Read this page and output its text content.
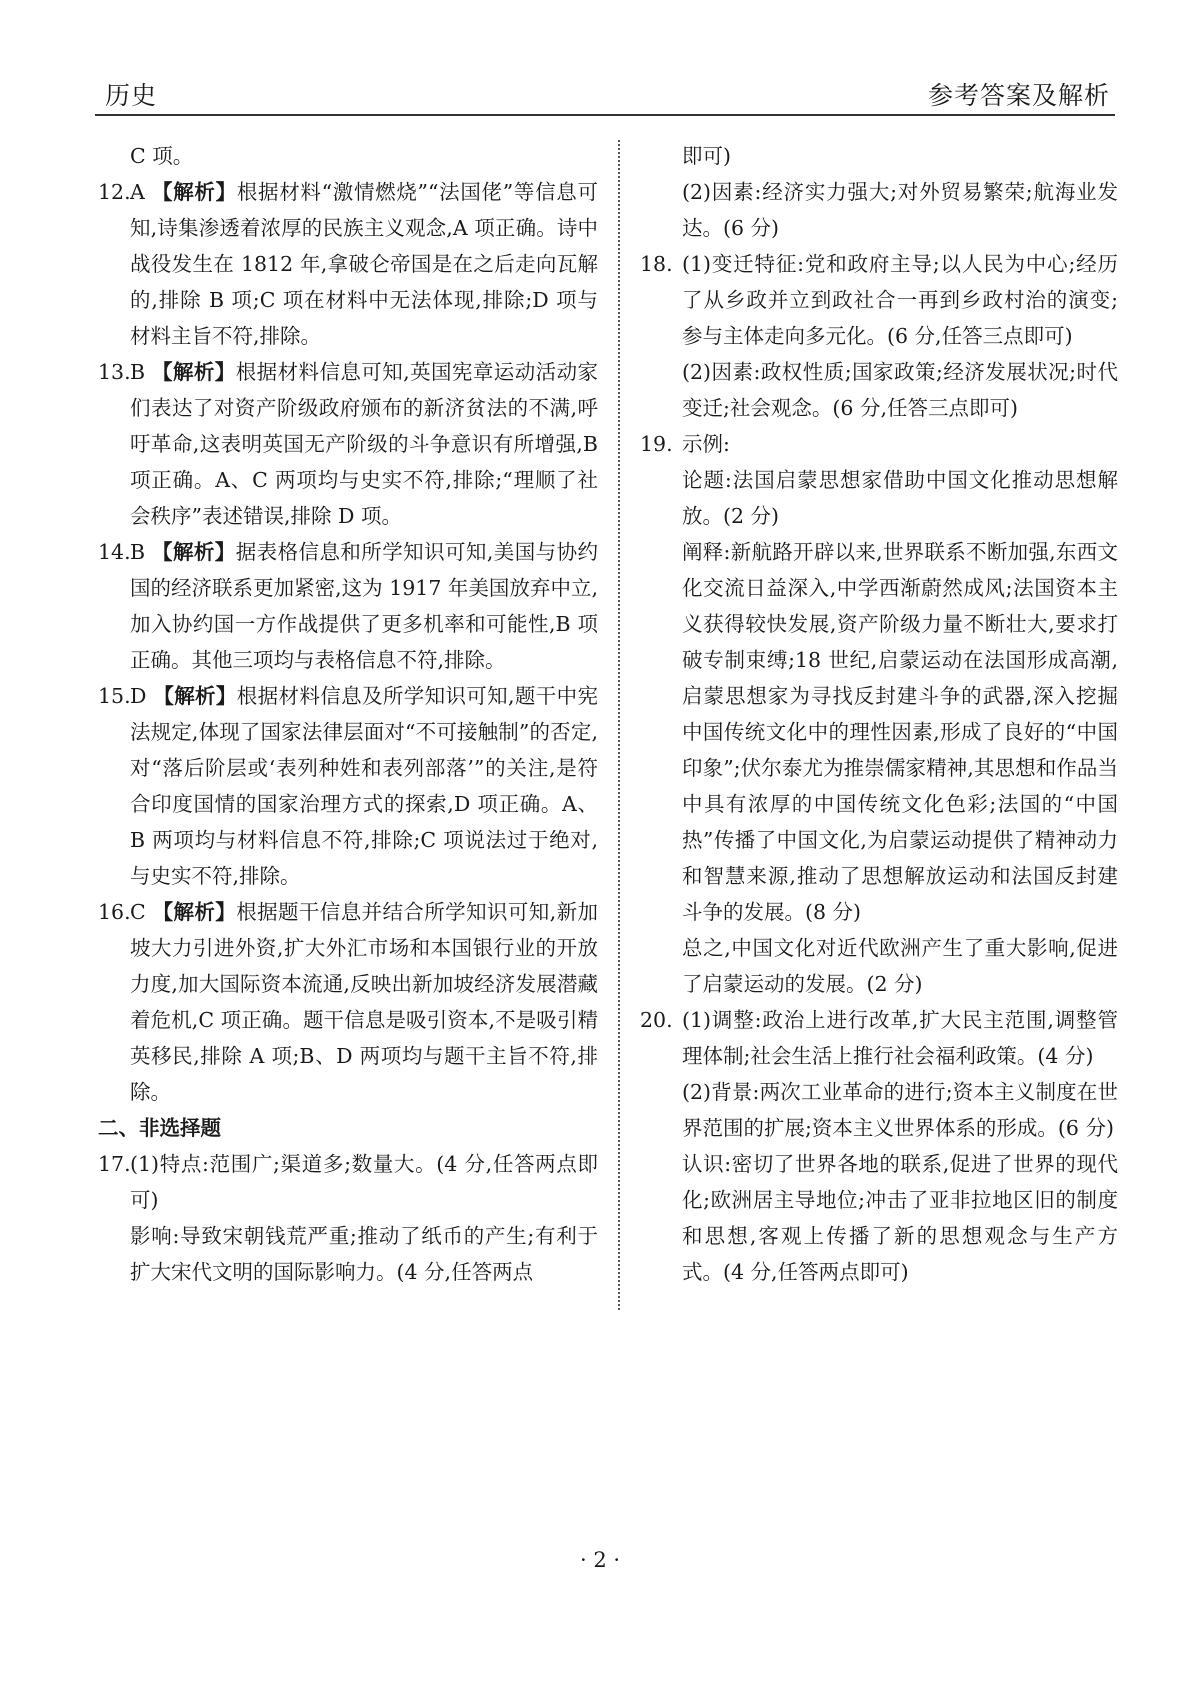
历史	参考答案及解析

C 项。

12. A 【解析】根据材料“激情燃烧”“法国佬”等信息可知,诗集渗透着浓厚的民族主义观念,A 项正确。诗中战役发生在 1812 年,拿破仑帝国是在之后走向瓦解的,排除 B 项;C 项在材料中无法体现,排除;D 项与材料主旨不符,排除。
13. B 【解析】根据材料信息可知,英国宪章运动活动家们表达了对资产阶级政府颁布的新济贫法的不满,呼吁革命,这表明英国无产阶级的斗争意识有所增强,B 项正确。A、C 两项均与史实不符,排除;“理顺了社会秩序”表述错误,排除 D 项。
14. B 【解析】据表格信息和所学知识可知,美国与协约国的经济联系更加紧密,这为 1917 年美国放弃中立,加入协约国一方作战提供了更多机率和可能性,B 项正确。其他三项均与表格信息不符,排除。
15. D 【解析】根据材料信息及所学知识可知,题干中宪法规定,体现了国家法律层面对“不可接触制”的否定,对“落后阶层或‘表列种姓和表列部落’”的关注,是符合印度国情的国家治理方式的探索,D 项正确。A、B 两项均与材料信息不符,排除;C 项说法过于绝对,与史实不符,排除。
16. C 【解析】根据题干信息并结合所学知识可知,新加坡大力引进外资,扩大外汇市场和本国银行业的开放力度,加大国际资本流通,反映出新加坡经济发展潜藏着危机,C 项正确。题干信息是吸引资本,不是吸引精英移民,排除 A 项;B、D 两项均与题干主旨不符,排除。

二、非选择题

17. (1)特点:范围广;渠道多;数量大。(4 分,任答两点即可)

影响:导致宋朝钱荒严重;推动了纸币的产生;有利于扩大宋代文明的国际影响力。(4 分,任答两点

即可)

(2)因素:经济实力强大;对外贸易繁荣;航海业发达。(6 分)

18. (1)变迁特征:党和政府主导;以人民为中心;经历了从乡政并立到政社合一再到乡政村治的演变;参与主体走向多元化。(6 分,任答三点即可)

(2)因素:政权性质;国家政策;经济发展状况;时代变迁;社会观念。(6 分,任答三点即可)

19. 示例:

论题:法国启蒙思想家借助中国文化推动思想解放。(2 分)

阐释:新航路开辟以来,世界联系不断加强,东西文化交流日益深入,中学西渐蔚然成风;法国资本主义获得较快发展,资产阶级力量不断壮大,要求打破专制束缚;18 世纪,启蒙运动在法国形成高潮,启蒙思想家为寻找反封建斗争的武器,深入挖掘中国传统文化中的理性因素,形成了良好的“中国印象”;伏尔泰尤为推崇儒家精神,其思想和作品当中具有浓厚的中国传统文化色彩;法国的“中国热”传播了中国文化,为启蒙运动提供了精神动力和智慧来源,推动了思想解放运动和法国反封建斗争的发展。(8 分)

总之,中国文化对近代欧洲产生了重大影响,促进了启蒙运动的发展。(2 分)

20. (1)调整:政治上进行改革,扩大民主范围,调整管理体制;社会生活上推行社会福利政策。(4 分)

(2)背景:两次工业革命的进行;资本主义制度在世界范围的扩展;资本主义世界体系的形成。(6 分)

认识:密切了世界各地的联系,促进了世界的现代化;欧洲居主导地位;冲击了亚非拉地区旧的制度和思想,客观上传播了新的思想观念与生产方式。(4 分,任答两点即可)

· 2 ·
